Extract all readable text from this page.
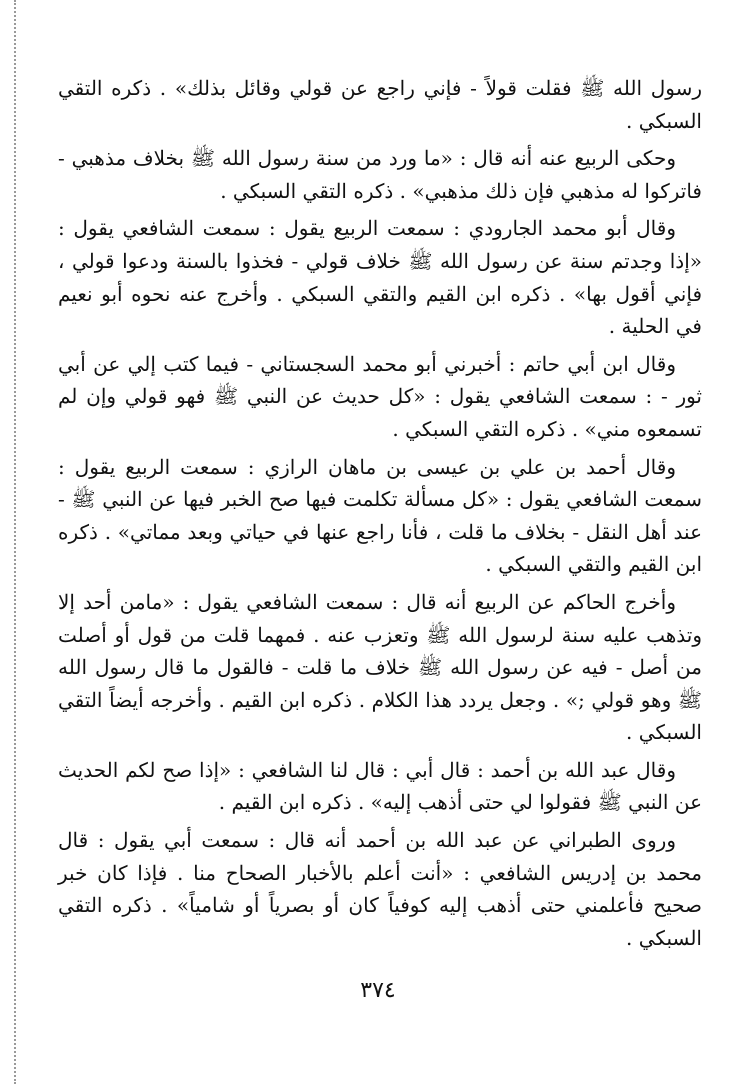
رسول الله ﷺ فقلت قولاً - فإني راجع عن قولي وقائل بذلك» . ذكره التقي السبكي .

وحكى الربيع عنه أنه قال : «ما ورد من سنة رسول الله ﷺ بخلاف مذهبي - فاتركوا له مذهبي فإن ذلك مذهبي» . ذكره التقي السبكي .

وقال أبو محمد الجارودي : سمعت الربيع يقول : سمعت الشافعي يقول : «إذا وجدتم سنة عن رسول الله ﷺ خلاف قولي - فخذوا بالسنة ودعوا قولي ، فإني أقول بها» . ذكره ابن القيم والتقي السبكي . وأخرج عنه نحوه أبو نعيم في الحلية .

وقال ابن أبي حاتم : أخبرني أبو محمد السجستاني - فيما كتب إلي عن أبي ثور - : سمعت الشافعي يقول : «كل حديث عن النبي ﷺ فهو قولي وإن لم تسمعوه مني» . ذكره التقي السبكي .

وقال أحمد بن علي بن عيسى بن ماهان الرازي : سمعت الربيع يقول : سمعت الشافعي يقول : «كل مسألة تكلمت فيها صح الخبر فيها عن النبي ﷺ - عند أهل النقل - بخلاف ما قلت ، فأنا راجع عنها في حياتي وبعد مماتي» . ذكره ابن القيم والتقي السبكي .

وأخرج الحاكم عن الربيع أنه قال : سمعت الشافعي يقول : «مامن أحد إلا وتذهب عليه سنة لرسول الله ﷺ وتعزب عنه . فمهما قلت من قول أو أصلت من أصل - فيه عن رسول الله ﷺ خلاف ما قلت - فالقول ما قال رسول الله ﷺ وهو قولي ;» . وجعل يردد هذا الكلام . ذكره ابن القيم . وأخرجه أيضاً التقي السبكي .

وقال عبد الله بن أحمد : قال أبي : قال لنا الشافعي : «إذا صح لكم الحديث عن النبي ﷺ فقولوا لي حتى أذهب إليه» . ذكره ابن القيم .

وروى الطبراني عن عبد الله بن أحمد أنه قال : سمعت أبي يقول : قال محمد بن إدريس الشافعي : «أنت أعلم بالأخبار الصحاح منا . فإذا كان خبر صحيح فأعلمني حتى أذهب إليه كوفياً كان أو بصرياً أو شامياً» . ذكره التقي السبكي .

٣٧٤
